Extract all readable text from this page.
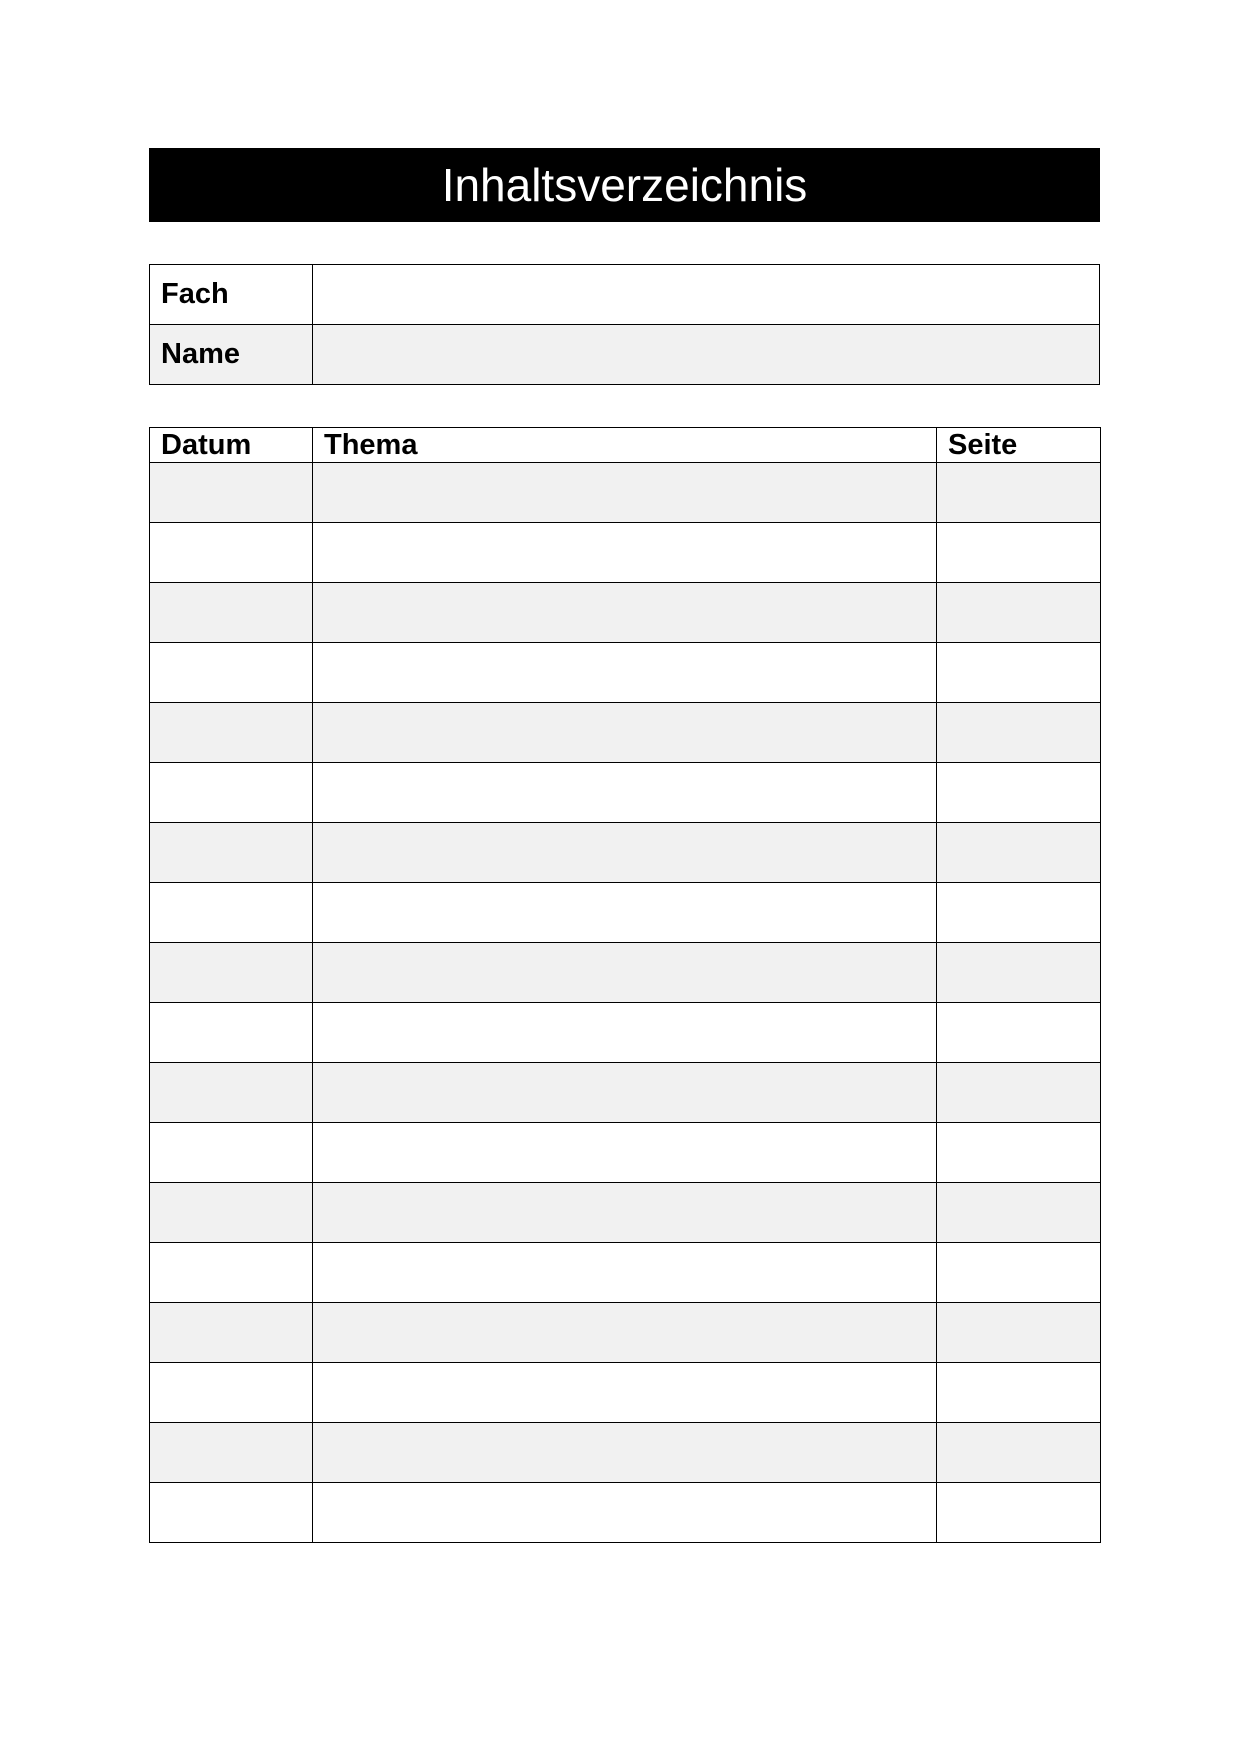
Inhaltsverzeichnis
Fach	
Name	
Datum	Thema	Seite
